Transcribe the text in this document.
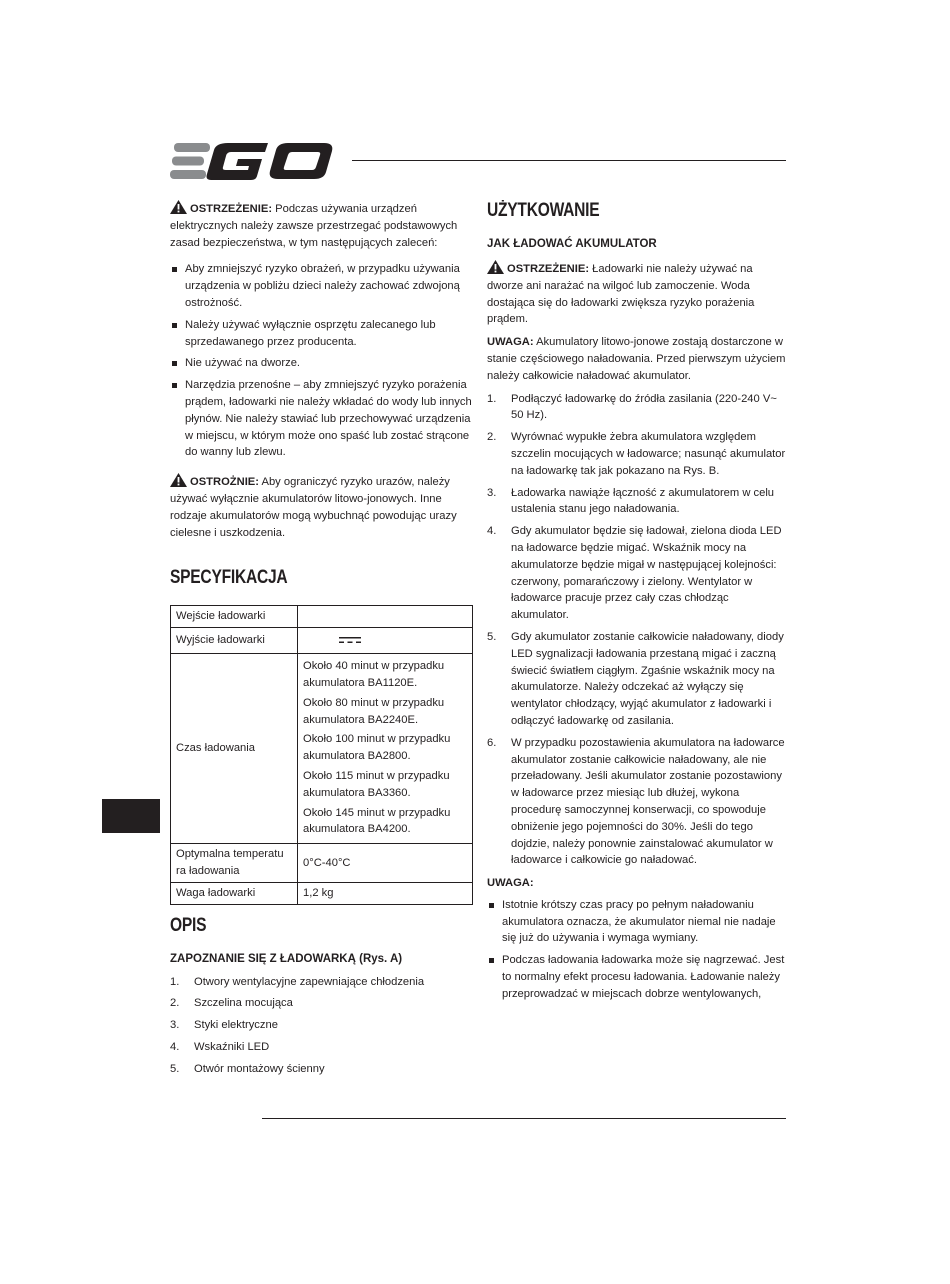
OSTRZEŻENIE: Podczas używania urządzeń elektrycznych należy zawsze przestrzegać podstawowych zasad bezpieczeństwa, w tym następujących zaleceń:

Aby zmniejszyć ryzyko obrażeń, w przypadku używania urządzenia w pobliżu dzieci należy zachować zdwojoną ostrożność.
Należy używać wyłącznie osprzętu zalecanego lub sprzedawanego przez producenta.
Nie używać na dworze.
Narzędzia przenośne – aby zmniejszyć ryzyko porażenia prądem, ładowarki nie należy wkładać do wody lub innych płynów. Nie należy stawiać lub przechowywać urządzenia w miejscu, w którym może ono spaść lub zostać strącone do wanny lub zlewu.

OSTROŻNIE: Aby ograniczyć ryzyko urazów, należy używać wyłącznie akumulatorów litowo-jonowych. Inne rodzaje akumulatorów mogą wybuchnąć powodując urazy cielesne i uszkodzenia.

SPECYFIKACJA
Wejście ładowarki	
Wyjście ładowarki	
Czas ładowania	Około 40 minut w przypadku akumulatora BA1120E.

Około 80 minut w przypadku akumulatora BA2240E.

Około 100 minut w przypadku akumulatora BA2800.

Około 115 minut w przypadku akumulatora BA3360.

Około 145 minut w przypadku akumulatora BA4200.

Optymalna temperatu ra ładowania	0°C-40°C
Waga ładowarki	1,2 kg
OPIS
ZAPOZNANIE SIĘ Z ŁADOWARKĄ (Rys. A)
1. Otwory wentylacyjne zapewniające chłodzenia
2. Szczelina mocująca
3. Styki elektryczne
4. Wskaźniki LED
5. Otwór montażowy ścienny
UŻYTKOWANIE
JAK ŁADOWAĆ AKUMULATOR

OSTRZEŻENIE: Ładowarki nie należy używać na dworze ani narażać na wilgoć lub zamoczenie. Woda dostająca się do ładowarki zwiększa ryzyko porażenia prądem.

UWAGA: Akumulatory litowo-jonowe zostają dostarczone w stanie częściowego naładowania. Przed pierwszym użyciem należy całkowicie naładować akumulator.

1. Podłączyć ładowarkę do źródła zasilania (220-240 V~ 50 Hz).
2. Wyrównać wypukłe żebra akumulatora względem szczelin mocujących w ładowarce; nasunąć akumulator na ładowarkę tak jak pokazano na Rys. B.
3. Ładowarka nawiąże łączność z akumulatorem w celu ustalenia stanu jego naładowania.
4. Gdy akumulator będzie się ładował, zielona dioda LED na ładowarce będzie migać. Wskaźnik mocy na akumulatorze będzie migał w następującej kolejności: czerwony, pomarańczowy i zielony. Wentylator w ładowarce pracuje przez cały czas chłodząc akumulator.
5. Gdy akumulator zostanie całkowicie naładowany, diody LED sygnalizacji ładowania przestaną migać i zaczną świecić światłem ciągłym. Zgaśnie wskaźnik mocy na akumulatorze. Należy odczekać aż wyłączy się wentylator chłodzący, wyjąć akumulator z ładowarki i odłączyć ładowarkę od zasilania.
6. W przypadku pozostawienia akumulatora na ładowarce akumulator zostanie całkowicie naładowany, ale nie przeładowany. Jeśli akumulator zostanie pozostawiony w ładowarce przez miesiąc lub dłużej, wykona procedurę samoczynnej konserwacji, co spowoduje obniżenie jego pojemności do 30%. Jeśli do tego dojdzie, należy ponownie zainstalować akumulator w ładowarce i całkowicie go naładować.

UWAGA:

Istotnie krótszy czas pracy po pełnym naładowaniu akumulatora oznacza, że akumulator niemal nie nadaje się już do używania i wymaga wymiany.
Podczas ładowania ładowarka może się nagrzewać. Jest to normalny efekt procesu ładowania. Ładowanie należy przeprowadzać w miejscach dobrze wentylowanych,
